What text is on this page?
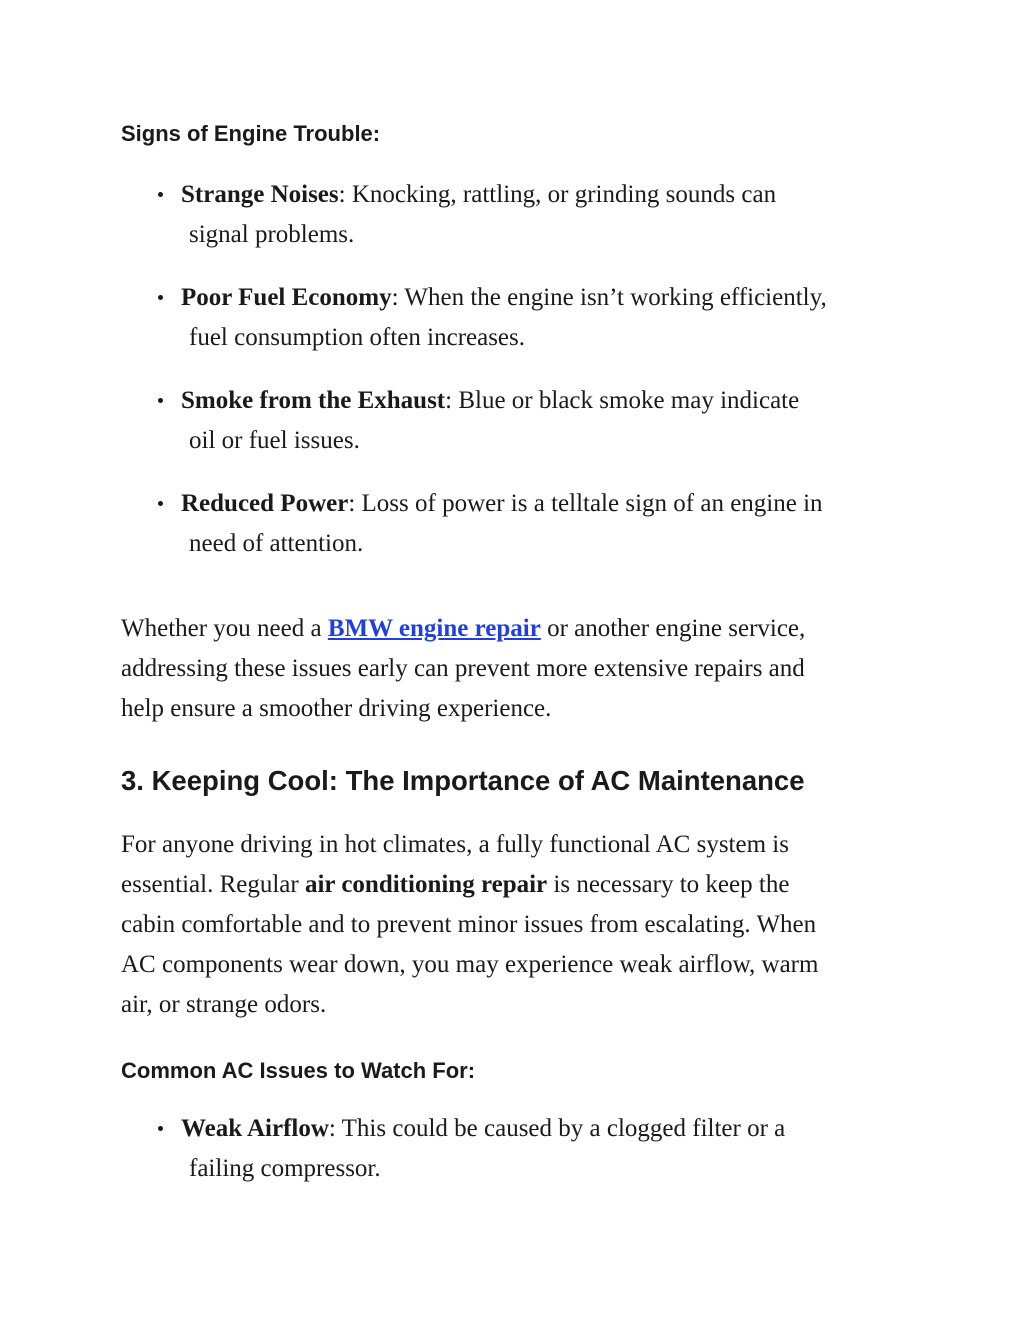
Signs of Engine Trouble:
Strange Noises: Knocking, rattling, or grinding sounds can
signal problems.
Poor Fuel Economy: When the engine isn’t working efficiently,
fuel consumption often increases.
Smoke from the Exhaust: Blue or black smoke may indicate
oil or fuel issues.
Reduced Power: Loss of power is a telltale sign of an engine in
need of attention.

Whether you need a BMW engine repair or another engine service,
addressing these issues early can prevent more extensive repairs and
help ensure a smoother driving experience.

3. Keeping Cool: The Importance of AC Maintenance

For anyone driving in hot climates, a fully functional AC system is
essential. Regular air conditioning repair is necessary to keep the
cabin comfortable and to prevent minor issues from escalating. When
AC components wear down, you may experience weak airflow, warm
air, or strange odors.

Common AC Issues to Watch For:
Weak Airflow: This could be caused by a clogged filter or a
failing compressor.
